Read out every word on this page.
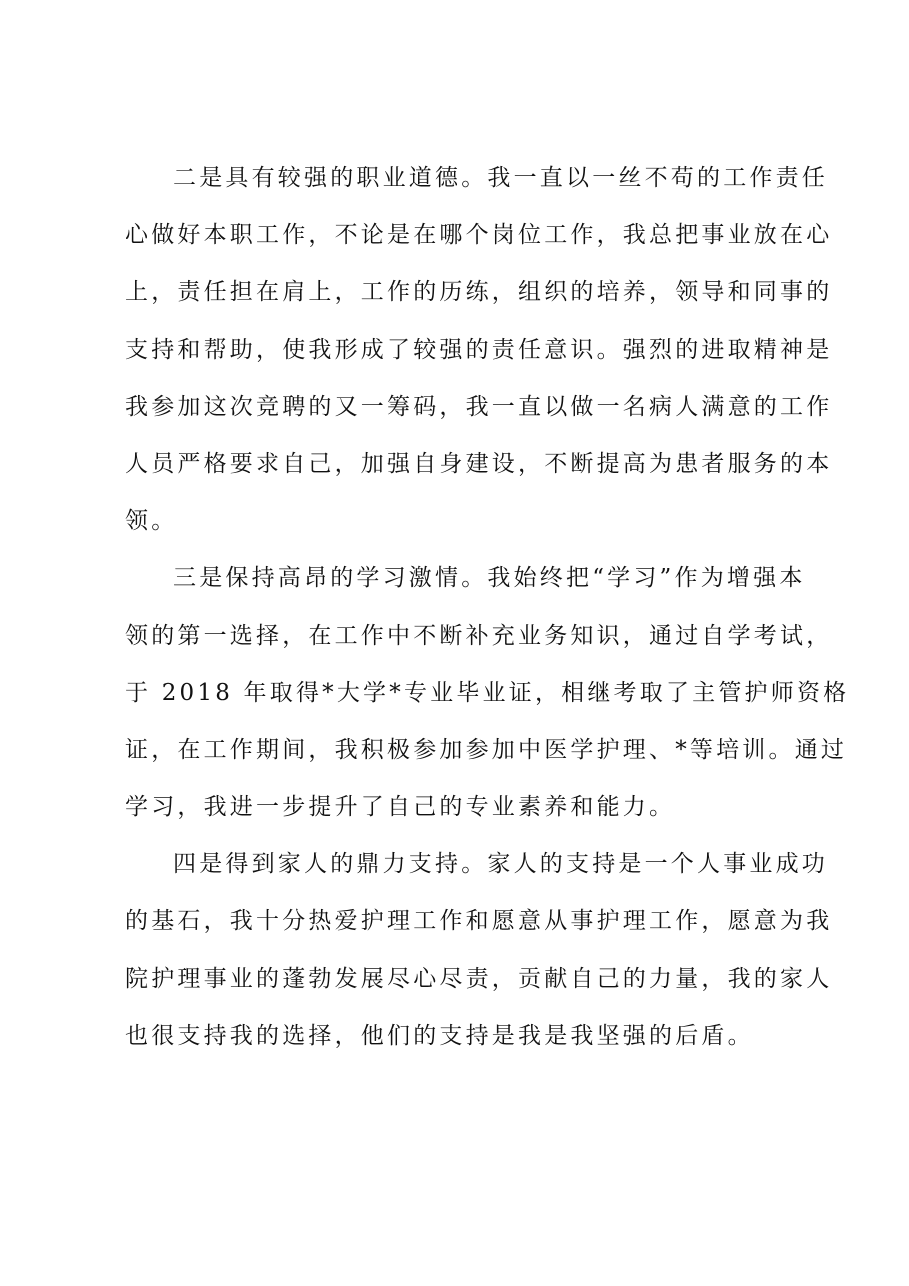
二是具有较强的职业道德。我一直以一丝不苟的工作责任
心做好本职工作，不论是在哪个岗位工作，我总把事业放在心
上，责任担在肩上，工作的历练，组织的培养，领导和同事的
支持和帮助，使我形成了较强的责任意识。强烈的进取精神是
我参加这次竞聘的又一筹码，我一直以做一名病人满意的工作
人员严格要求自己，加强自身建设，不断提高为患者服务的本
领。
三是保持高昂的学习激情。我始终把“学习”作为增强本
领的第一选择，在工作中不断补充业务知识，通过自学考试，
于 2018 年取得*大学*专业毕业证，相继考取了主管护师资格
证，在工作期间，我积极参加参加中医学护理、*等培训。通过
学习，我进一步提升了自己的专业素养和能力。
四是得到家人的鼎力支持。家人的支持是一个人事业成功
的基石，我十分热爱护理工作和愿意从事护理工作，愿意为我
院护理事业的蓬勃发展尽心尽责，贡献自己的力量，我的家人
也很支持我的选择，他们的支持是我是我坚强的后盾。
